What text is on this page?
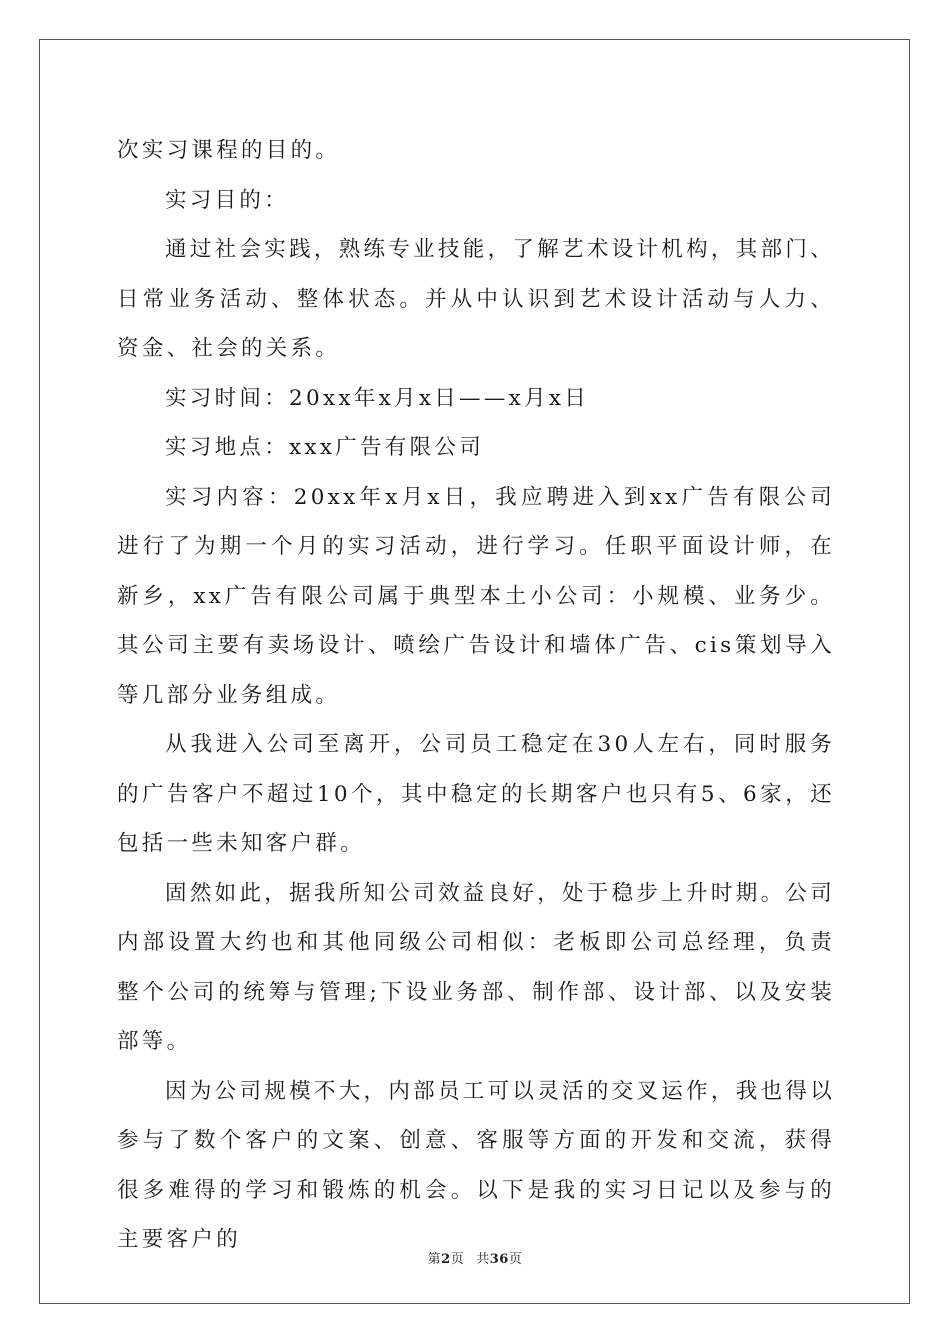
次实习课程的目的。

实习目的：

通过社会实践，熟练专业技能，了解艺术设计机构，其部门、日常业务活动、整体状态。并从中认识到艺术设计活动与人力、资金、社会的关系。

实习时间：20xx年x月x日——x月x日

实习地点：xxx广告有限公司

实习内容：20xx年x月x日，我应聘进入到xx广告有限公司进行了为期一个月的实习活动，进行学习。任职平面设计师，在新乡，xx广告有限公司属于典型本土小公司：小规模、业务少。其公司主要有卖场设计、喷绘广告设计和墙体广告、cis策划导入等几部分业务组成。

从我进入公司至离开，公司员工稳定在30人左右，同时服务的广告客户不超过10个，其中稳定的长期客户也只有5、6家，还包括一些未知客户群。

固然如此，据我所知公司效益良好，处于稳步上升时期。公司内部设置大约也和其他同级公司相似：老板即公司总经理，负责整个公司的统筹与管理;下设业务部、制作部、设计部、以及安装部等。

因为公司规模不大，内部员工可以灵活的交叉运作，我也得以参与了数个客户的文案、创意、客服等方面的开发和交流，获得很多难得的学习和锻炼的机会。以下是我的实习日记以及参与的主要客户的

第2页 共36页
